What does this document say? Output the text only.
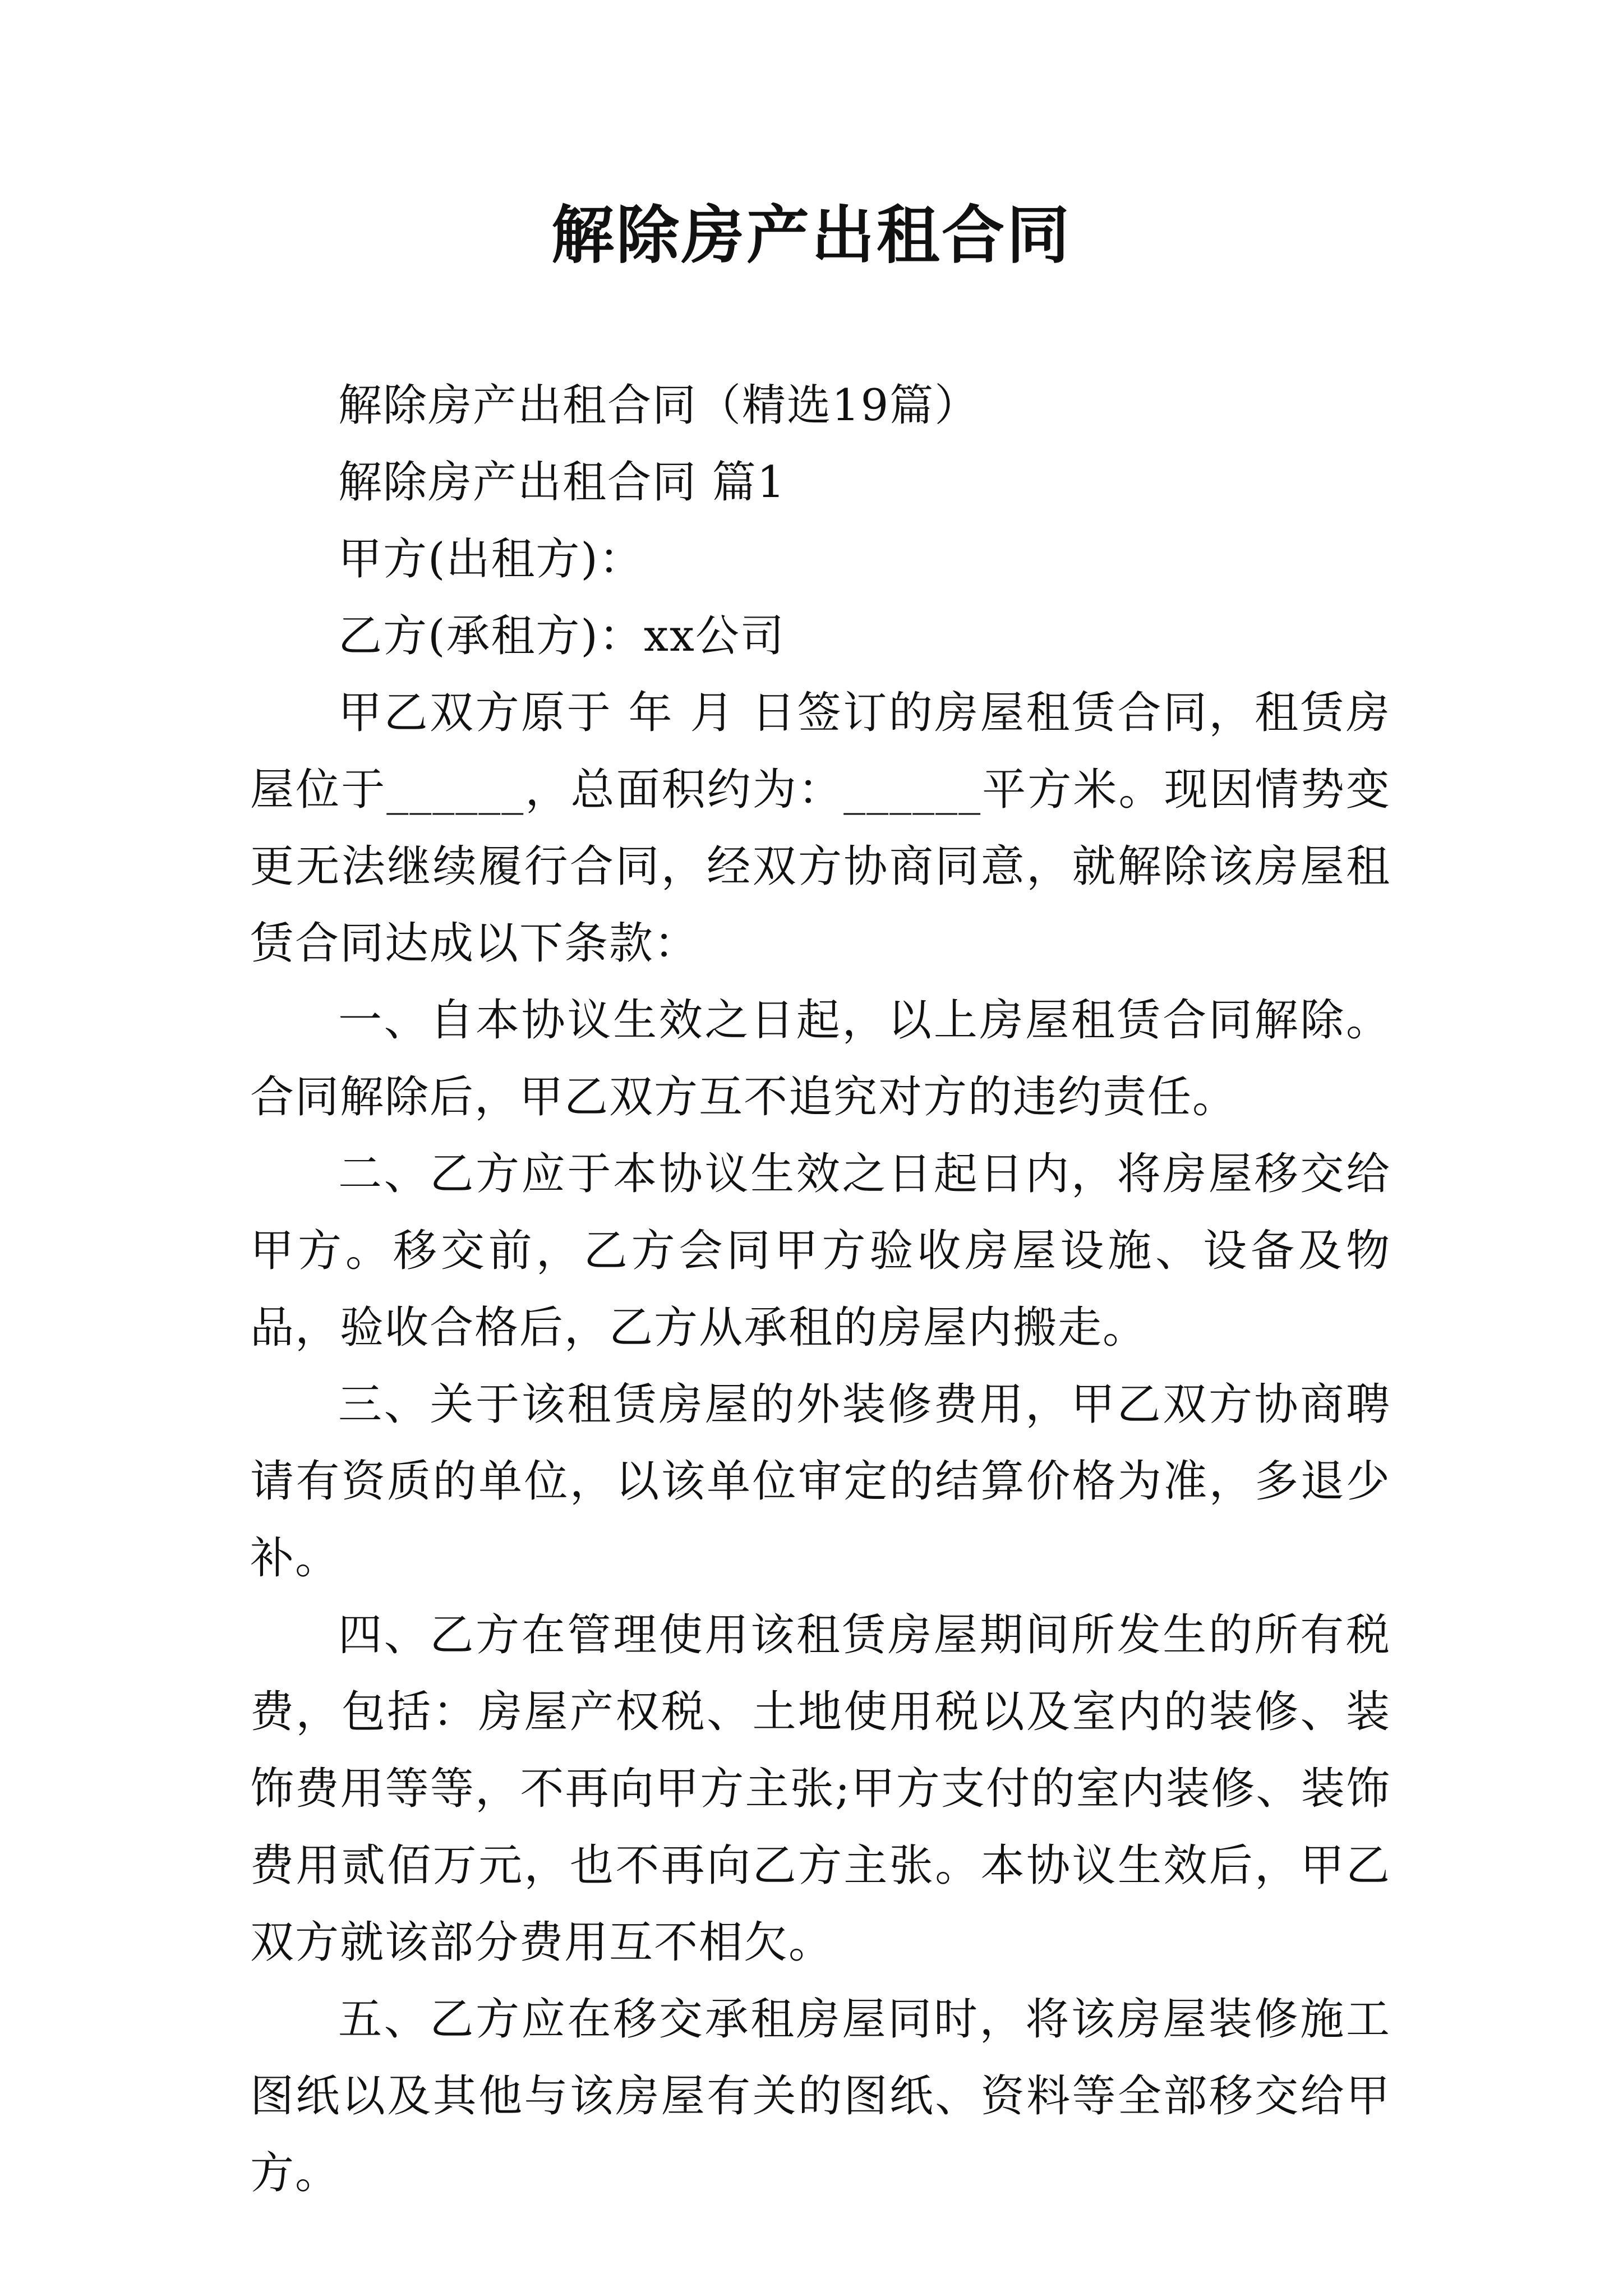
解除房产出租合同

解除房产出租合同（精选19篇）

解除房产出租合同 篇1

甲方(出租方)：

乙方(承租方)：xx公司

甲乙双方原于 年 月 日签订的房屋租赁合同，租赁房屋位于______，总面积约为：______平方米。现因情势变更无法继续履行合同，经双方协商同意，就解除该房屋租赁合同达成以下条款：

一、自本协议生效之日起，以上房屋租赁合同解除。合同解除后，甲乙双方互不追究对方的违约责任。

二、乙方应于本协议生效之日起日内，将房屋移交给甲方。移交前，乙方会同甲方验收房屋设施、设备及物品，验收合格后，乙方从承租的房屋内搬走。

三、关于该租赁房屋的外装修费用，甲乙双方协商聘请有资质的单位，以该单位审定的结算价格为准，多退少补。

四、乙方在管理使用该租赁房屋期间所发生的所有税费，包括：房屋产权税、土地使用税以及室内的装修、装饰费用等等，不再向甲方主张;甲方支付的室内装修、装饰费用贰佰万元，也不再向乙方主张。本协议生效后，甲乙双方就该部分费用互不相欠。

五、乙方应在移交承租房屋同时，将该房屋装修施工图纸以及其他与该房屋有关的图纸、资料等全部移交给甲方。
